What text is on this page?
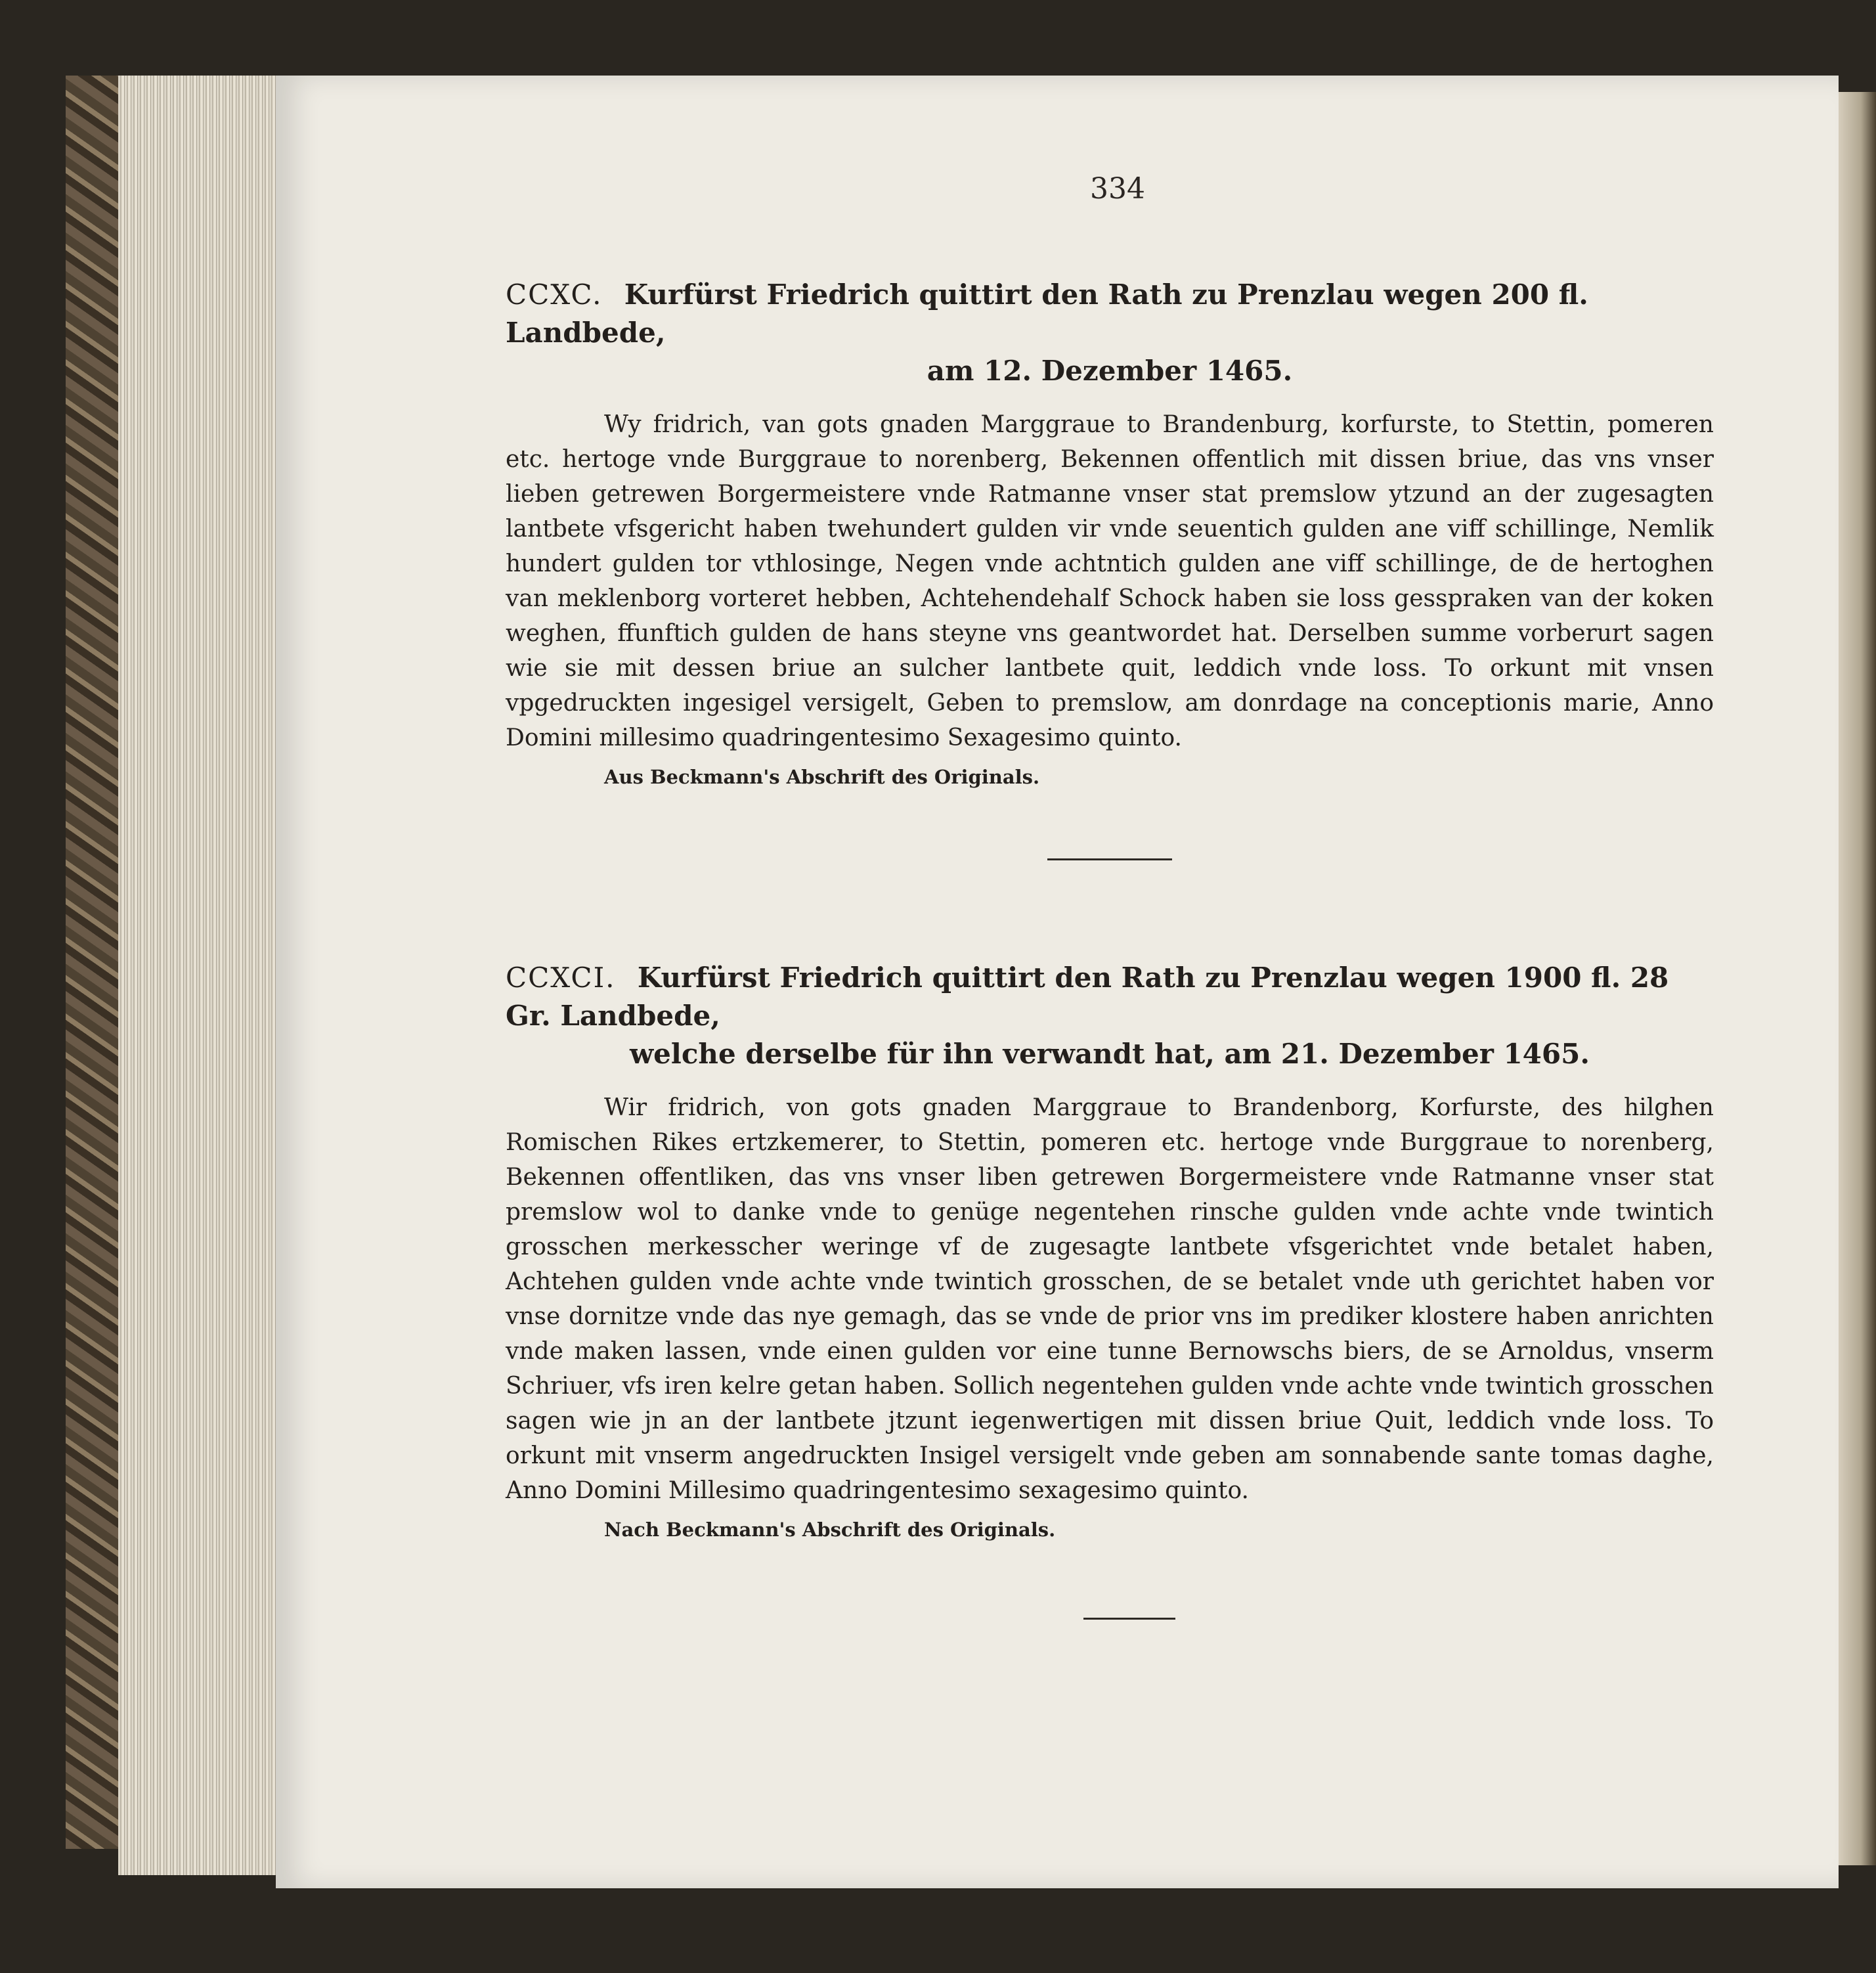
334

CCXC. Kurfürst Friedrich quittirt den Rath zu Prenzlau wegen 200 fl. Landbede,
am 12. Dezember 1465.

Wy fridrich, van gots gnaden Marggraue to Brandenburg, korfurste, to Stettin, pomeren etc. hertoge vnde Burggraue to norenberg, Bekennen offentlich mit dissen briue, das vns vnser lieben getrewen Borgermeistere vnde Ratmanne vnser stat premslow ytzund an der zugesagten lantbete vfsgericht haben twehundert gulden vir vnde seuentich gulden ane viff schillinge, Nemlik hundert gulden tor vthlosinge, Negen vnde achtntich gulden ane viff schillinge, de de hertoghen van meklenborg vorteret hebben, Achtehendehalf Schock haben sie loss gesspraken van der koken weghen, ffunftich gulden de hans steyne vns geantwordet hat. Derselben summe vorberurt sagen wie sie mit dessen briue an sulcher lantbete quit, leddich vnde loss. To orkunt mit vnsen vpgedruckten ingesigel versigelt, Geben to premslow, am donrdage na conceptionis marie, Anno Domini millesimo quadringentesimo Sexagesimo quinto.
Aus Beckmann's Abschrift des Originals.

CCXCI. Kurfürst Friedrich quittirt den Rath zu Prenzlau wegen 1900 fl. 28 Gr. Landbede,
welche derselbe für ihn verwandt hat, am 21. Dezember 1465.

Wir fridrich, von gots gnaden Marggraue to Brandenborg, Korfurste, des hilghen Romischen Rikes ertzkemerer, to Stettin, pomeren etc. hertoge vnde Burggraue to norenberg, Bekennen offentliken, das vns vnser liben getrewen Borgermeistere vnde Ratmanne vnser stat premslow wol to danke vnde to genüge negentehen rinsche gulden vnde achte vnde twintich grosschen merkesscher weringe vf de zugesagte lantbete vfsgerichtet vnde betalet haben, Achtehen gulden vnde achte vnde twintich grosschen, de se betalet vnde uth gerichtet haben vor vnse dornitze vnde das nye gemagh, das se vnde de prior vns im prediker klostere haben anrichten vnde maken lassen, vnde einen gulden vor eine tunne Bernowschs biers, de se Arnoldus, vnserm Schriuer, vfs iren kelre getan haben. Sollich negentehen gulden vnde achte vnde twintich grosschen sagen wie jn an der lantbete jtzunt iegenwertigen mit dissen briue Quit, leddich vnde loss. To orkunt mit vnserm angedruckten Insigel versigelt vnde geben am sonnabende sante tomas daghe, Anno Domini Millesimo quadringentesimo sexagesimo quinto.
Nach Beckmann's Abschrift des Originals.
